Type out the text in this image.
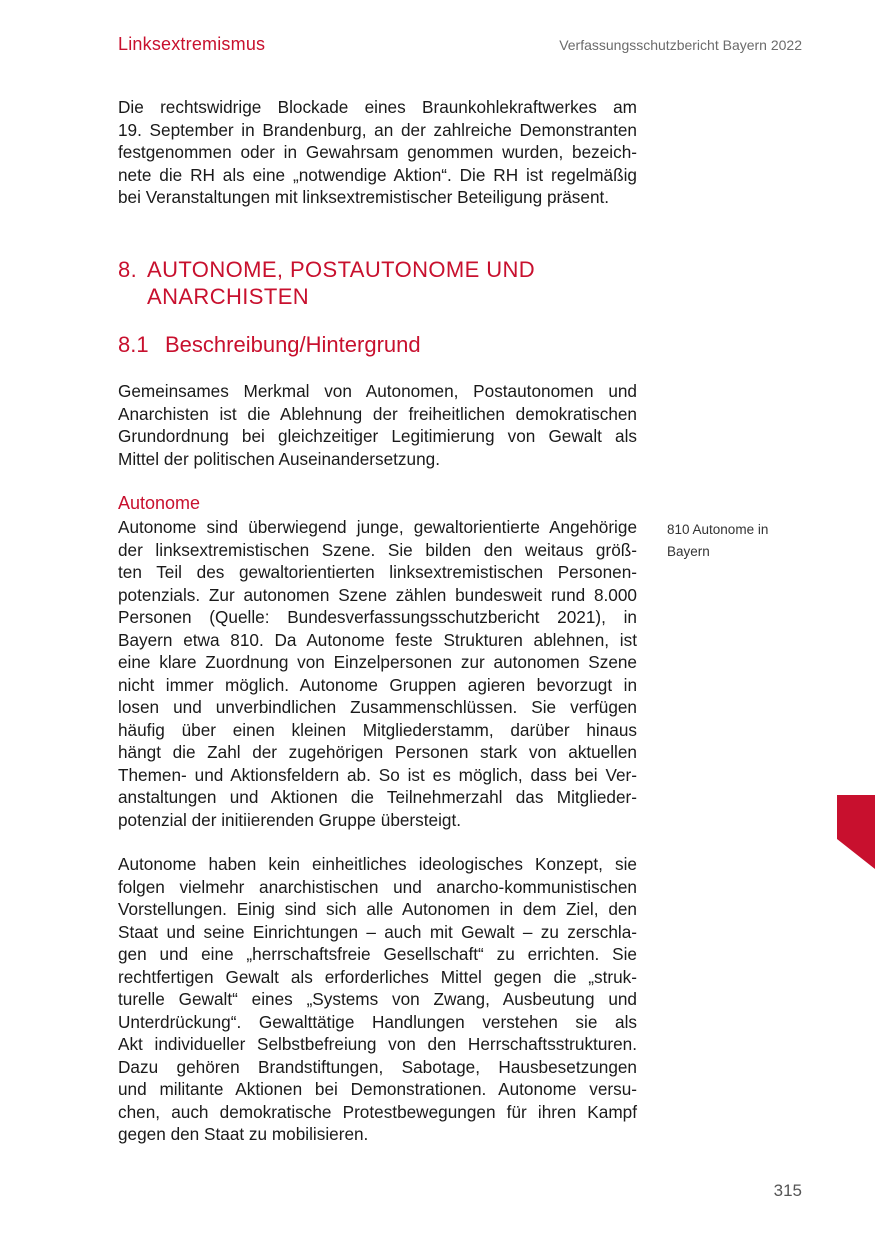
Linksextremismus	Verfassungsschutzbericht Bayern 2022

Die rechtswidrige Blockade eines Braunkohlekraftwerkes am
19. September in Brandenburg, an der zahlreiche Demonstranten
festgenommen oder in Gewahrsam genommen wurden, bezeich-
nete die RH als eine „notwendige Aktion“. Die RH ist regelmäßig
bei Veranstaltungen mit linksextremistischer Beteiligung präsent.

8. AUTONOME, POSTAUTONOME UND
ANARCHISTEN
8.1 Beschreibung/Hintergrund

Gemeinsames Merkmal von Autonomen, Postautonomen und
Anarchisten ist die Ablehnung der freiheitlichen demokratischen
Grundordnung bei gleichzeitiger Legitimierung von Gewalt als
Mittel der politischen Auseinandersetzung.

Autonome

Autonome sind überwiegend junge, gewaltorientierte Angehörige
der linksextremistischen Szene. Sie bilden den weitaus größ-
ten Teil des gewaltorientierten linksextremistischen Personen-
potenzials. Zur autonomen Szene zählen bundesweit rund 8.000
Personen (Quelle: Bundesverfassungsschutzbericht 2021), in
Bayern etwa 810. Da Autonome feste Strukturen ablehnen, ist
eine klare Zuordnung von Einzelpersonen zur autonomen Szene
nicht immer möglich. Autonome Gruppen agieren bevorzugt in
losen und unverbindlichen Zusammenschlüssen. Sie verfügen
häufig über einen kleinen Mitgliederstamm, darüber hinaus
hängt die Zahl der zugehörigen Personen stark von aktuellen
Themen- und Aktionsfeldern ab. So ist es möglich, dass bei Ver-
anstaltungen und Aktionen die Teilnehmerzahl das Mitglieder-
potenzial der initiierenden Gruppe übersteigt.

810 Autonome in
Bayern

Autonome haben kein einheitliches ideologisches Konzept, sie
folgen vielmehr anarchistischen und anarcho-kommunistischen
Vorstellungen. Einig sind sich alle Autonomen in dem Ziel, den
Staat und seine Einrichtungen – auch mit Gewalt – zu zerschla-
gen und eine „herrschaftsfreie Gesellschaft“ zu errichten. Sie
rechtfertigen Gewalt als erforderliches Mittel gegen die „struk-
turelle Gewalt“ eines „Systems von Zwang, Ausbeutung und
Unterdrückung“. Gewalttätige Handlungen verstehen sie als
Akt individueller Selbstbefreiung von den Herrschaftsstrukturen.
Dazu gehören Brandstiftungen, Sabotage, Hausbesetzungen
und militante Aktionen bei Demonstrationen. Autonome versu-
chen, auch demokratische Protestbewegungen für ihren Kampf
gegen den Staat zu mobilisieren.

315
